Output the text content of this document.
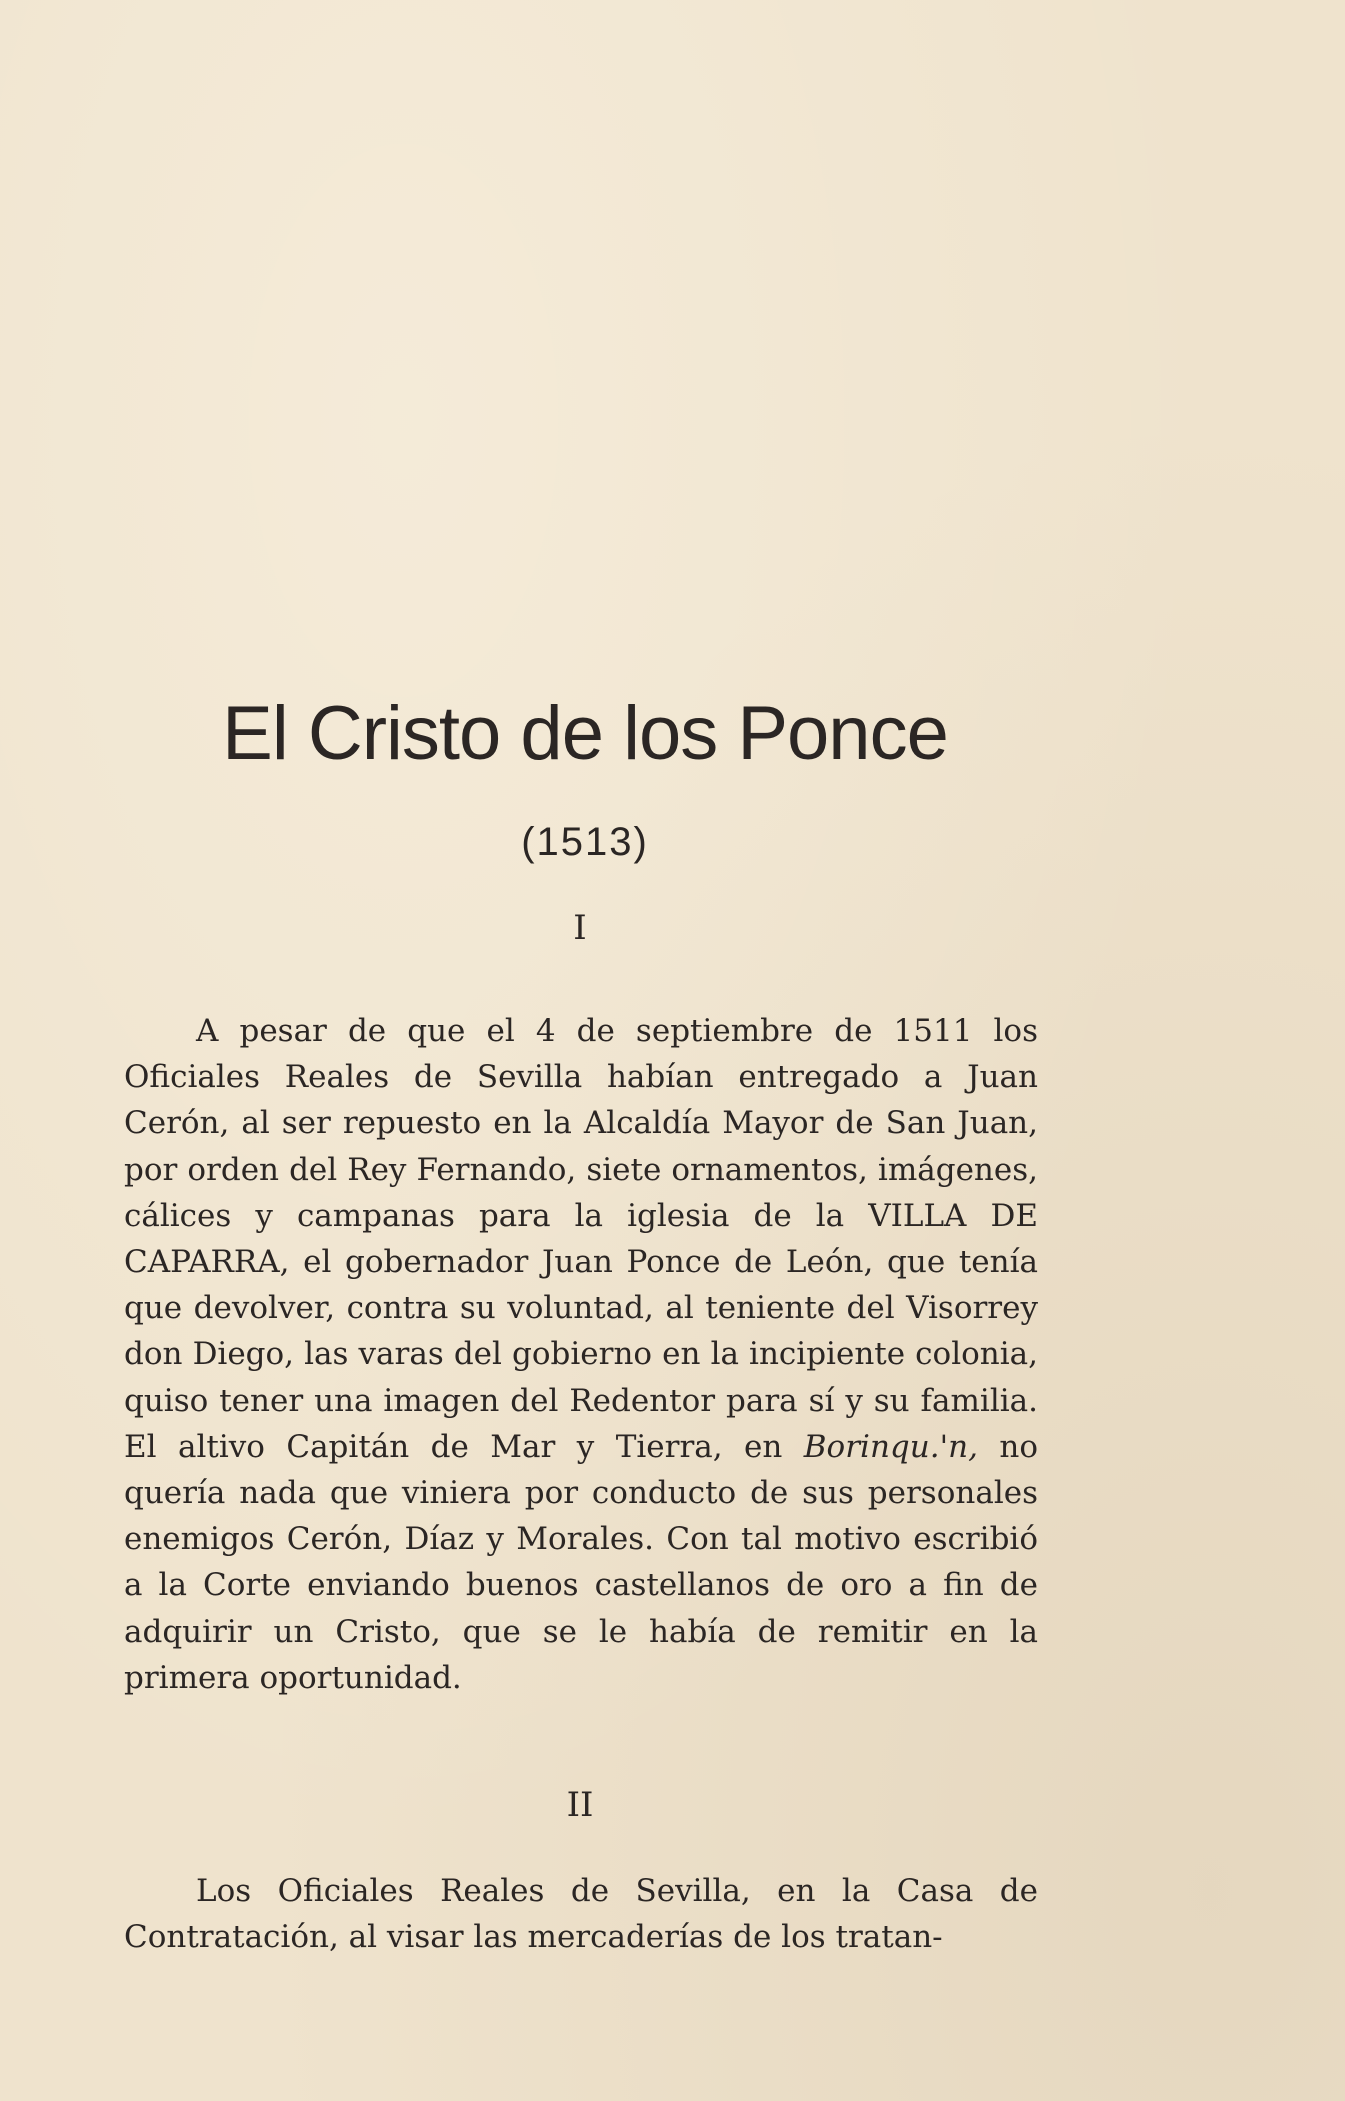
El Cristo de los Ponce
(1513)
I

A pesar de que el 4 de septiembre de 1511 los Oficiales Reales de Sevilla habían entregado a Juan Cerón, al ser repuesto en la Alcaldía Mayor de San Juan, por orden del Rey Fernando, siete ornamentos, imágenes, cálices y campanas para la iglesia de la VILLA DE CAPARRA, el gobernador Juan Ponce de León, que tenía que devolver, contra su voluntad, al teniente del Visorrey don Diego, las varas del gobierno en la incipiente colonia, quiso tener una imagen del Redentor para sí y su familia. El altivo Capitán de Mar y Tierra, en Borinqu.'n, no quería nada que viniera por conducto de sus personales enemigos Cerón, Díaz y Morales. Con tal motivo escribió a la Corte enviando buenos castellanos de oro a fin de adquirir un Cristo, que se le había de remitir en la primera oportunidad.

II

Los Oficiales Reales de Sevilla, en la Casa de Contratación, al visar las mercaderías de los tratan-
